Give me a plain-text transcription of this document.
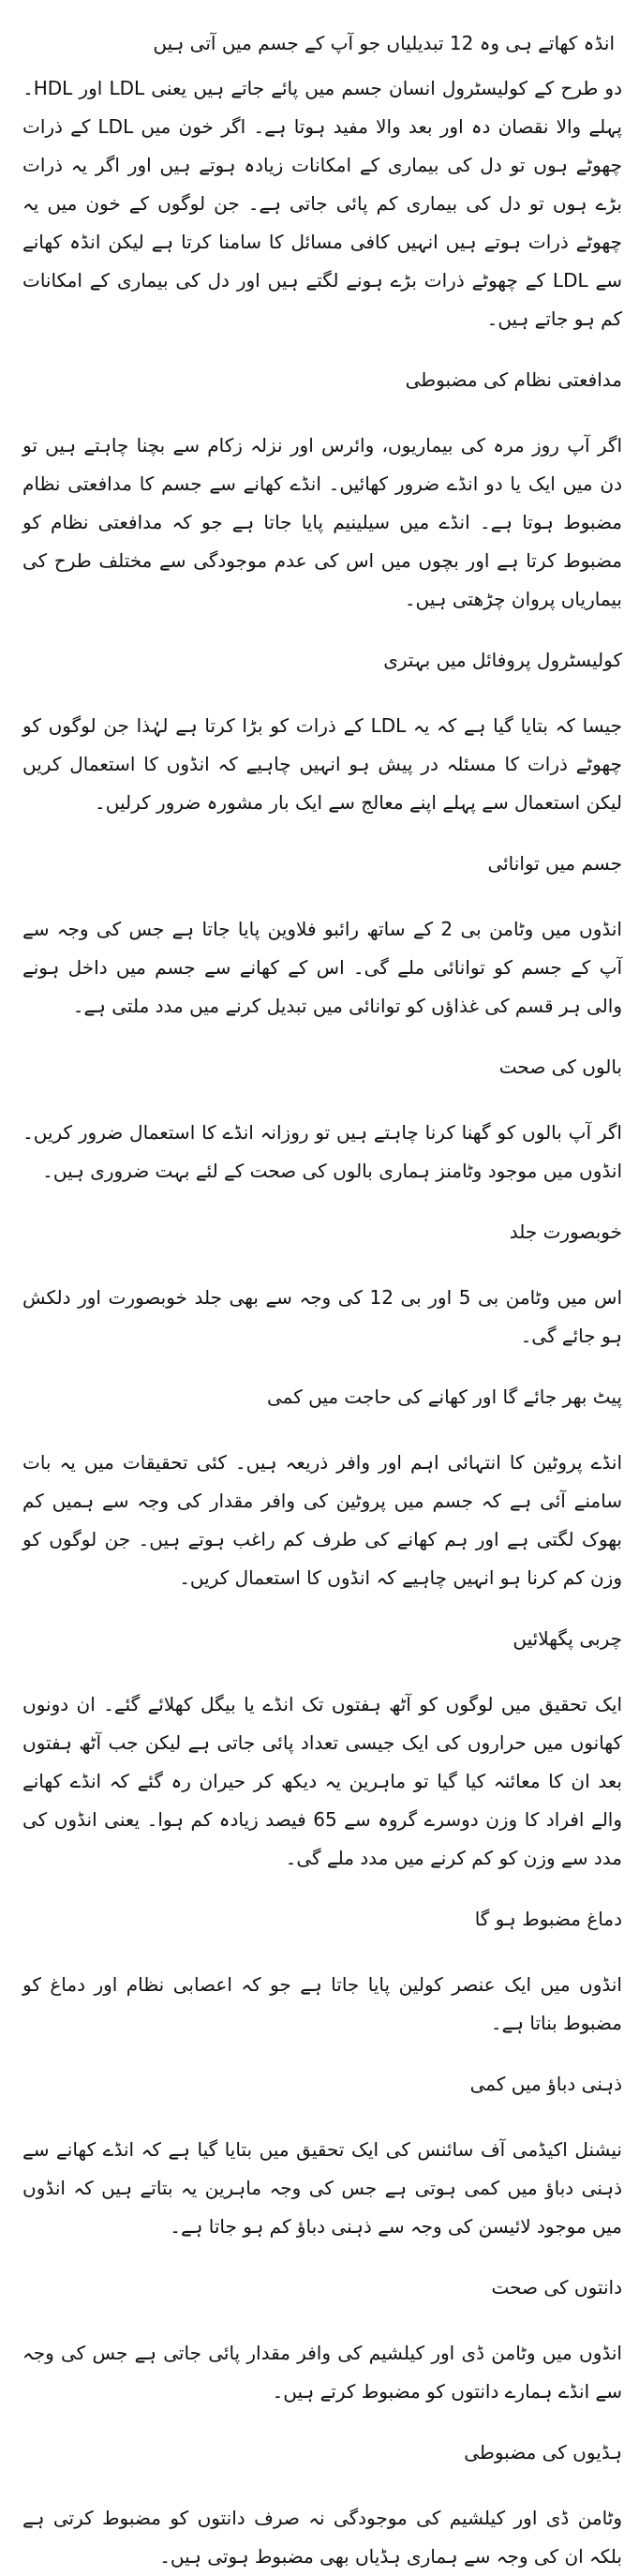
انڈہ کھاتے ہی وہ 12 تبدیلیاں جو آپ کے جسم میں آتی ہیں
دو طرح کے کولیسٹرول انسان جسم میں پائے جاتے ہیں یعنی LDL اور HDL۔ پہلے والا نقصان دہ اور بعد والا مفید ہوتا ہے۔ اگر خون میں LDL کے ذرات چھوٹے ہوں تو دل کی بیماری کے امکانات زیادہ ہوتے ہیں اور اگر یہ ذرات بڑے ہوں تو دل کی بیماری کم پائی جاتی ہے۔ جن لوگوں کے خون میں یہ چھوٹے ذرات ہوتے ہیں انہیں کافی مسائل کا سامنا کرتا ہے لیکن انڈہ کھانے سے LDL کے چھوٹے ذرات بڑے ہونے لگتے ہیں اور دل کی بیماری کے امکانات کم ہو جاتے ہیں۔
مدافعتی نظام کی مضبوطی
اگر آپ روز مرہ کی بیماریوں، وائرس اور نزلہ زکام سے بچنا چاہتے ہیں تو دن میں ایک یا دو انڈے ضرور کھائیں۔ انڈے کھانے سے جسم کا مدافعتی نظام مضبوط ہوتا ہے۔ انڈے میں سیلینیم پایا جاتا ہے جو کہ مدافعتی نظام کو مضبوط کرتا ہے اور بچوں میں اس کی عدم موجودگی سے مختلف طرح کی بیماریاں پروان چڑھتی ہیں۔
کولیسٹرول پروفائل میں بہتری
جیسا کہ بتایا گیا ہے کہ یہ LDL کے ذرات کو بڑا کرتا ہے لہٰذا جن لوگوں کو چھوٹے ذرات کا مسئلہ در پیش ہو انہیں چاہیے کہ انڈوں کا استعمال کریں لیکن استعمال سے پہلے اپنے معالج سے ایک بار مشورہ ضرور کرلیں۔
جسم میں توانائی
انڈوں میں وٹامن بی 2 کے ساتھ رائبو فلاوین پایا جاتا ہے جس کی وجہ سے آپ کے جسم کو توانائی ملے گی۔ اس کے کھانے سے جسم میں داخل ہونے والی ہر قسم کی غذاؤں کو توانائی میں تبدیل کرنے میں مدد ملتی ہے۔
بالوں کی صحت
اگر آپ بالوں کو گھنا کرنا چاہتے ہیں تو روزانہ انڈے کا استعمال ضرور کریں۔ انڈوں میں موجود وٹامنز ہماری بالوں کی صحت کے لئے بہت ضروری ہیں۔
خوبصورت جلد
اس میں وٹامن بی 5 اور بی 12 کی وجہ سے بھی جلد خوبصورت اور دلکش ہو جائے گی۔
پیٹ بھر جائے گا اور کھانے کی حاجت میں کمی
انڈے پروٹین کا انتہائی اہم اور وافر ذریعہ ہیں۔ کئی تحقیقات میں یہ بات سامنے آئی ہے کہ جسم میں پروٹین کی وافر مقدار کی وجہ سے ہمیں کم بھوک لگتی ہے اور ہم کھانے کی طرف کم راغب ہوتے ہیں۔ جن لوگوں کو وزن کم کرنا ہو انہیں چاہیے کہ انڈوں کا استعمال کریں۔
چربی پگھلائیں
ایک تحقیق میں لوگوں کو آٹھ ہفتوں تک انڈے یا بیگل کھلائے گئے۔ ان دونوں کھانوں میں حراروں کی ایک جیسی تعداد پائی جاتی ہے لیکن جب آٹھ ہفتوں بعد ان کا معائنہ کیا گیا تو ماہرین یہ دیکھ کر حیران رہ گئے کہ انڈے کھانے والے افراد کا وزن دوسرے گروہ سے 65 فیصد زیادہ کم ہوا۔ یعنی انڈوں کی مدد سے وزن کو کم کرنے میں مدد ملے گی۔
دماغ مضبوط ہو گا
انڈوں میں ایک عنصر کولین پایا جاتا ہے جو کہ اعصابی نظام اور دماغ کو مضبوط بناتا ہے۔
ذہنی دباؤ میں کمی
نیشنل اکیڈمی آف سائنس کی ایک تحقیق میں بتایا گیا ہے کہ انڈے کھانے سے ذہنی دباؤ میں کمی ہوتی ہے جس کی وجہ ماہرین یہ بتاتے ہیں کہ انڈوں میں موجود لائیسن کی وجہ سے ذہنی دباؤ کم ہو جاتا ہے۔
دانتوں کی صحت
انڈوں میں وٹامن ڈی اور کیلشیم کی وافر مقدار پائی جاتی ہے جس کی وجہ سے انڈے ہمارے دانتوں کو مضبوط کرتے ہیں۔
ہڈیوں کی مضبوطی
وٹامن ڈی اور کیلشیم کی موجودگی نہ صرف دانتوں کو مضبوط کرتی ہے بلکہ ان کی وجہ سے ہماری ہڈیاں بھی مضبوط ہوتی ہیں۔
